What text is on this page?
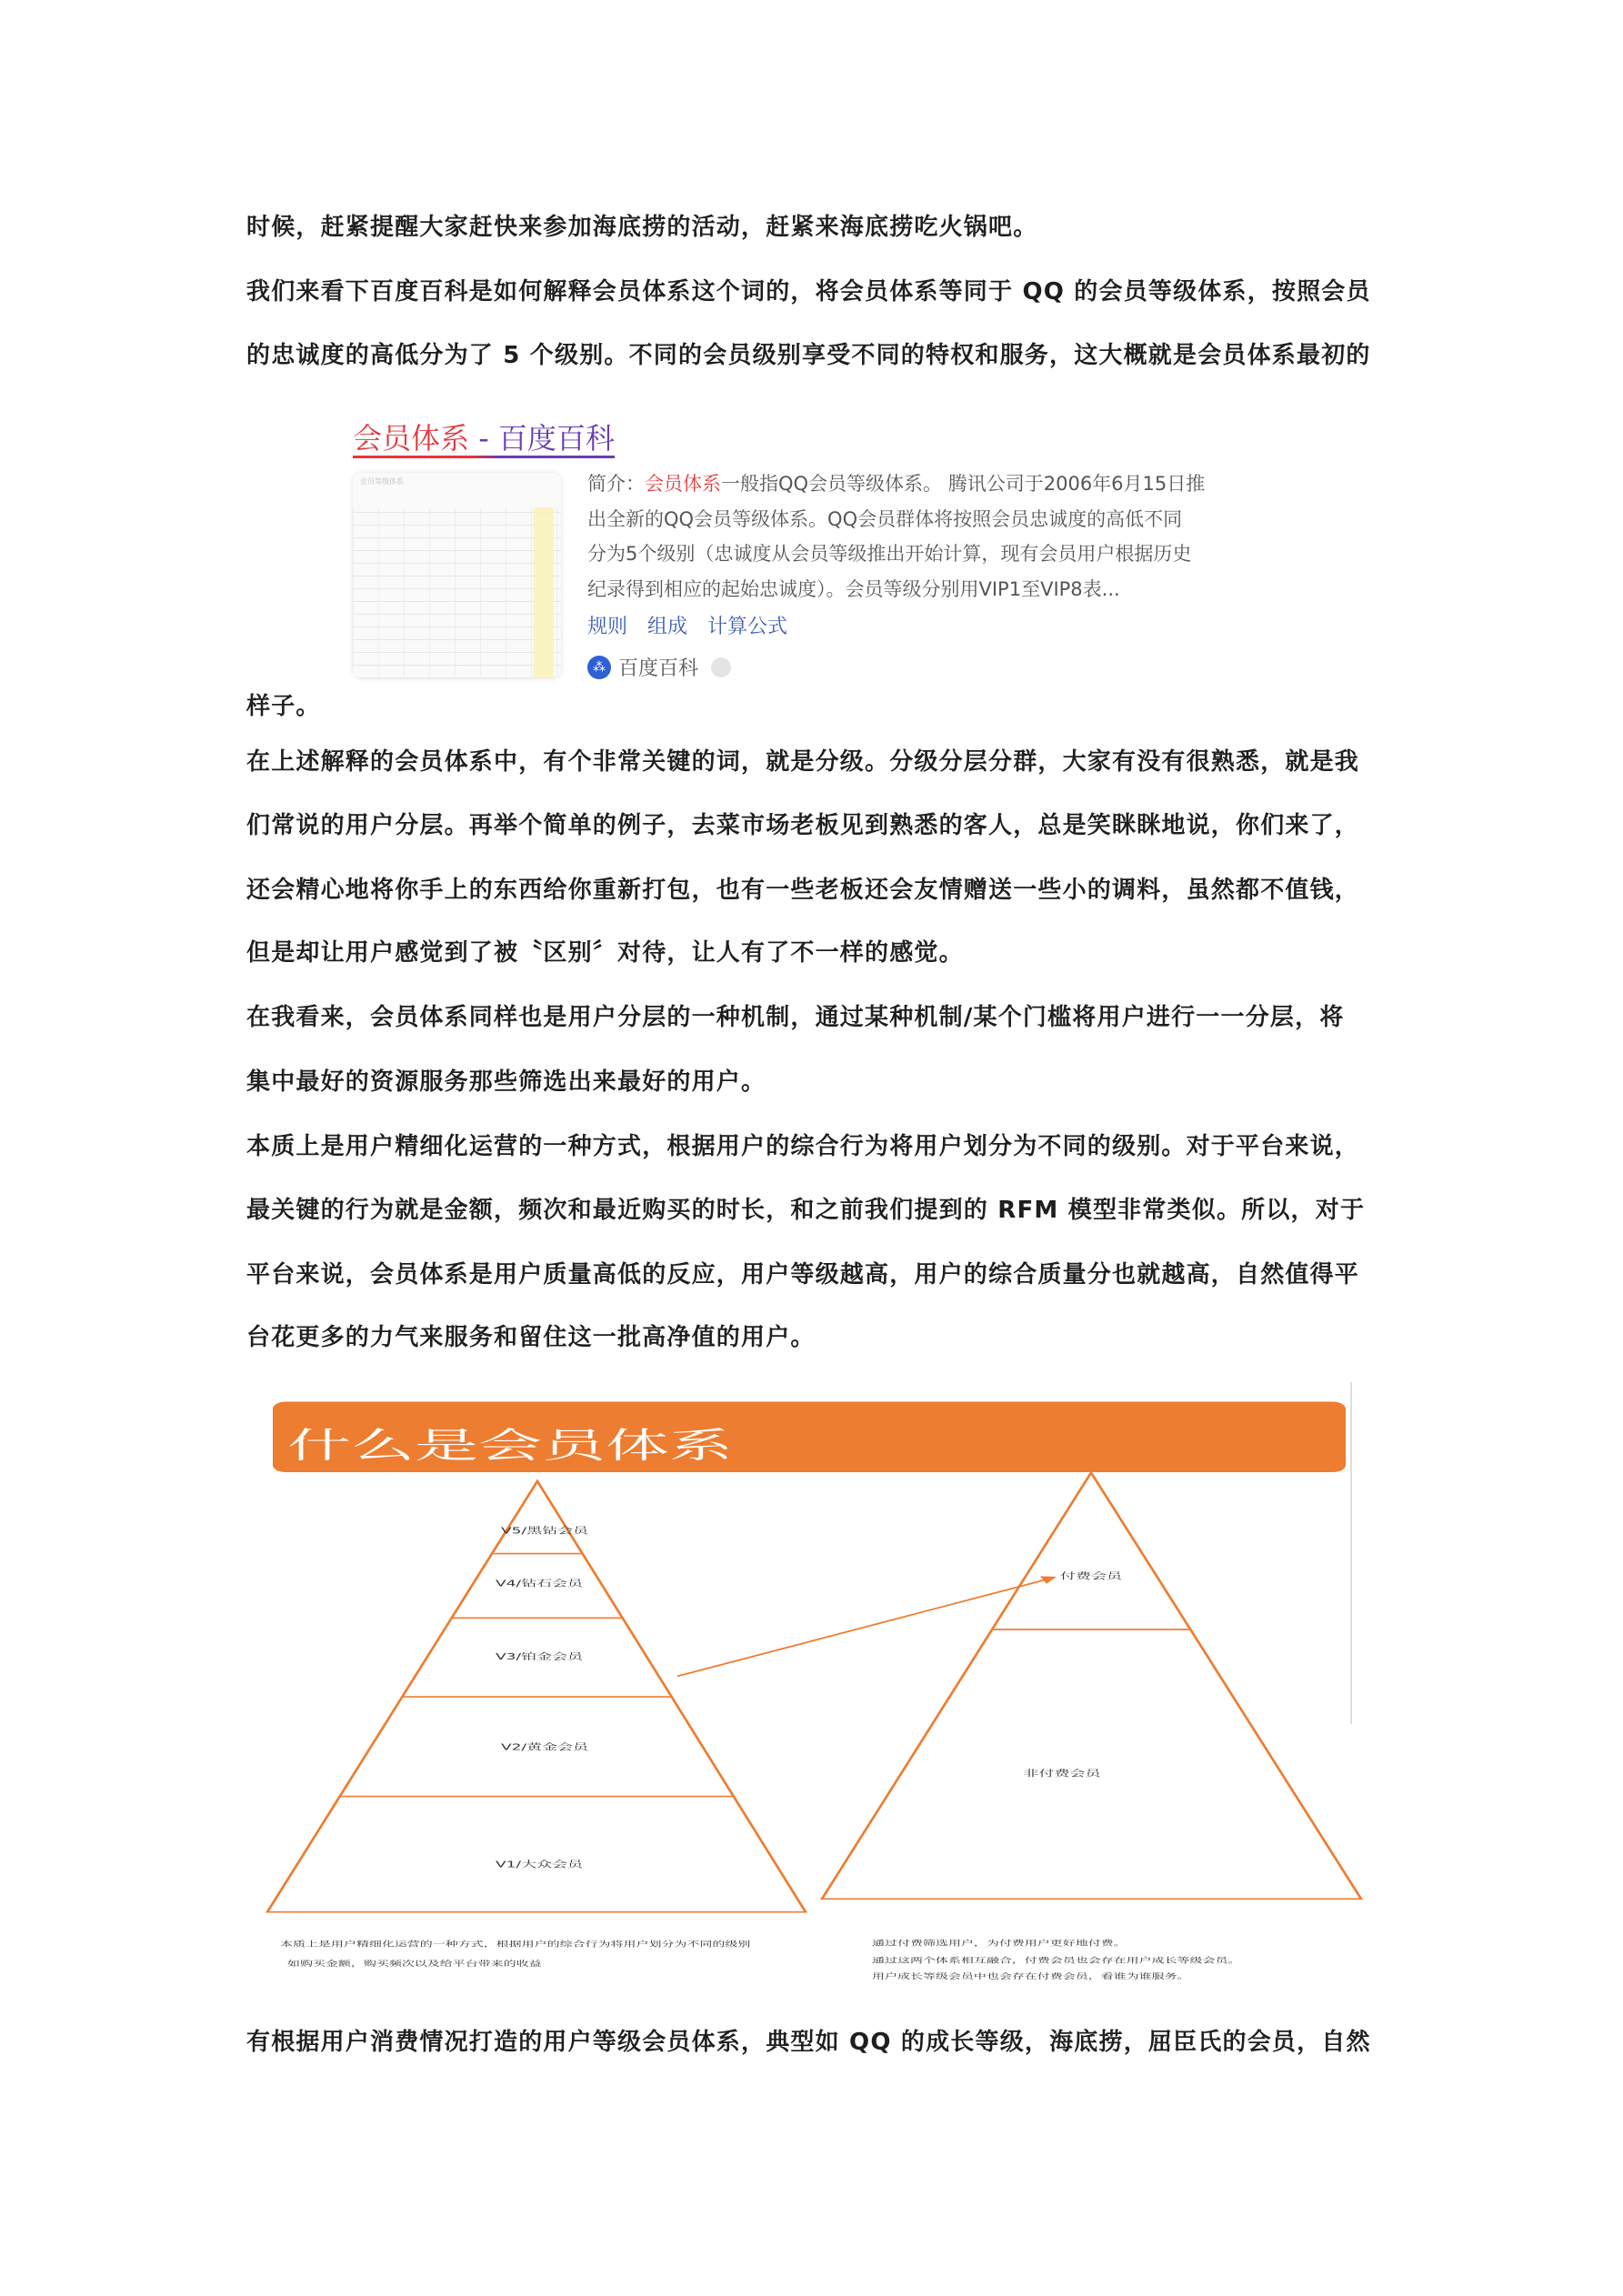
时候，赶紧提醒大家赶快来参加海底捞的活动，赶紧来海底捞吃火锅吧。
我们来看下百度百科是如何解释会员体系这个词的，将会员体系等同于 QQ 的会员等级体系，按照会员
的忠诚度的高低分为了 5 个级别。不同的会员级别享受不同的特权和服务，这大概就是会员体系最初的
会员体系 - 百度百科
会员等级体系	简介：会员体系一般指QQ会员等级体系。 腾讯公司于2006年6月15日推
出全新的QQ会员等级体系。QQ会员群体将按照会员忠诚度的高低不同
分为5个级别（忠诚度从会员等级推出开始计算，现有会员用户根据历史
纪录得到相应的起始忠诚度）。会员等级分别用VIP1至VIP8表...
规则 组成 计算公式
⁂ 百度百科
样子。
在上述解释的会员体系中，有个非常关键的词，就是分级。分级分层分群，大家有没有很熟悉，就是我
们常说的用户分层。再举个简单的例子，去菜市场老板见到熟悉的客人，总是笑眯眯地说，你们来了，
还会精心地将你手上的东西给你重新打包，也有一些老板还会友情赠送一些小的调料，虽然都不值钱，
但是却让用户感觉到了被〝区别〞对待，让人有了不一样的感觉。
在我看来，会员体系同样也是用户分层的一种机制，通过某种机制/某个门槛将用户进行一一分层，将
集中最好的资源服务那些筛选出来最好的用户。
本质上是用户精细化运营的一种方式，根据用户的综合行为将用户划分为不同的级别。对于平台来说，
最关键的行为就是金额，频次和最近购买的时长，和之前我们提到的 RFM 模型非常类似。所以，对于
平台来说，会员体系是用户质量高低的反应，用户等级越高，用户的综合质量分也就越高，自然值得平
台花更多的力气来服务和留住这一批高净值的用户。
什么是会员体系
V5/黑钻会员
V4/钻石会员
V3/铂金会员
V2/黄金会员
V1/大众会员
付费会员
非付费会员
本质上是用户精细化运营的一种方式，根据用户的综合行为将用户划分为不同的级别
如购买金额，购买频次以及给平台带来的收益
通过付费筛选用户，为付费用户更好地付费。
通过这两个体系相互融合，付费会员也会存在用户成长等级会员。
用户成长等级会员中也会存在付费会员，看谁为谁服务。
有根据用户消费情况打造的用户等级会员体系，典型如 QQ 的成长等级，海底捞，屈臣氏的会员，自然
